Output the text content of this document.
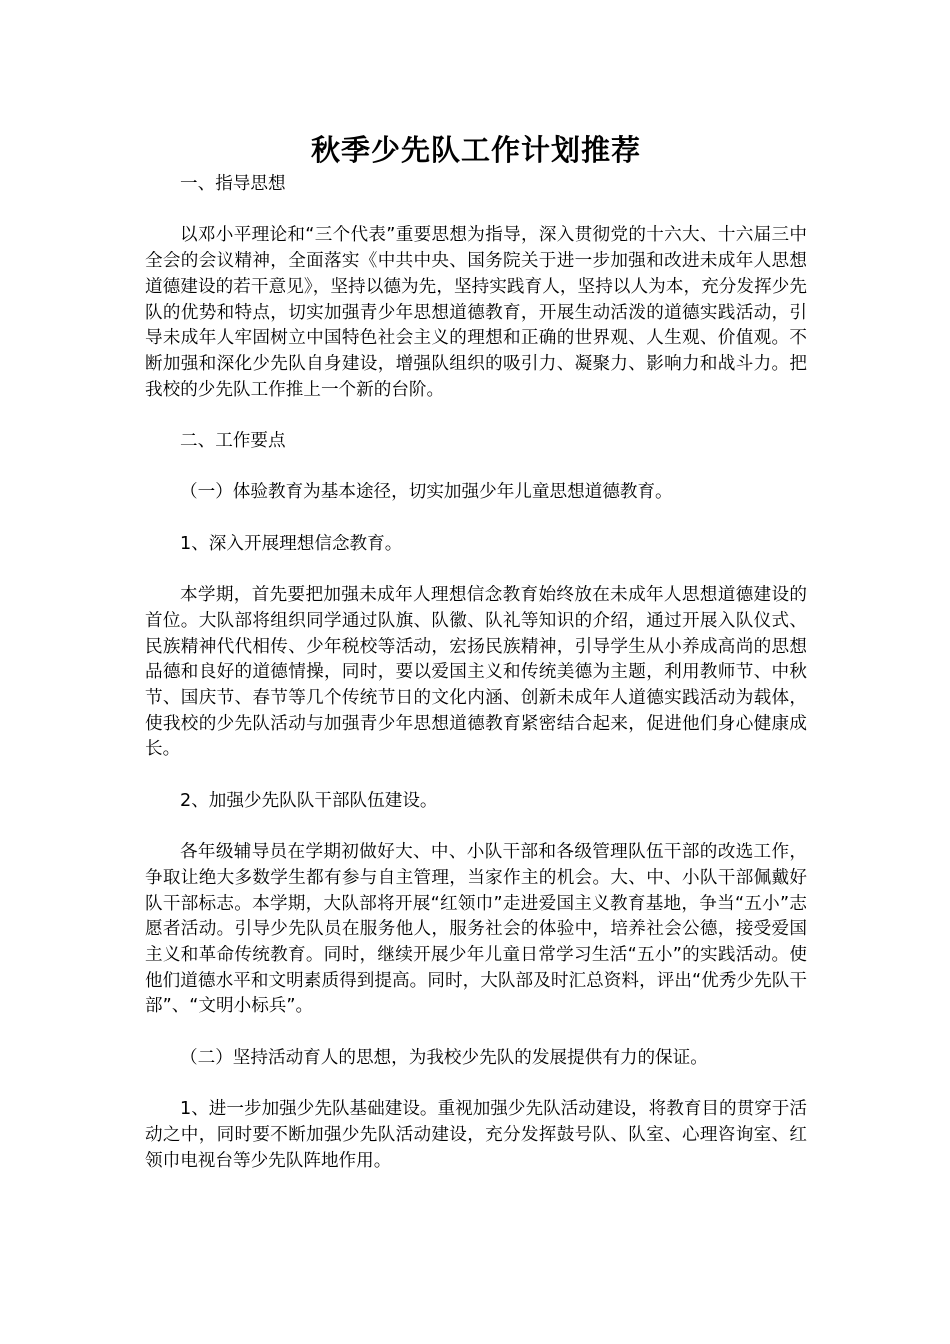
秋季少先队工作计划推荐

一、指导思想

以邓小平理论和“三个代表”重要思想为指导，深入贯彻党的十六大、十六届三中全会的会议精神，全面落实《中共中央、国务院关于进一步加强和改进未成年人思想道德建设的若干意见》，坚持以德为先，坚持实践育人，坚持以人为本，充分发挥少先队的优势和特点，切实加强青少年思想道德教育，开展生动活泼的道德实践活动，引导未成年人牢固树立中国特色社会主义的理想和正确的世界观、人生观、价值观。不断加强和深化少先队自身建设，增强队组织的吸引力、凝聚力、影响力和战斗力。把我校的少先队工作推上一个新的台阶。

二、工作要点

（一）体验教育为基本途径，切实加强少年儿童思想道德教育。

1、深入开展理想信念教育。

本学期，首先要把加强未成年人理想信念教育始终放在未成年人思想道德建设的首位。大队部将组织同学通过队旗、队徽、队礼等知识的介绍，通过开展入队仪式、民族精神代代相传、少年税校等活动，宏扬民族精神，引导学生从小养成高尚的思想品德和良好的道德情操，同时，要以爱国主义和传统美德为主题，利用教师节、中秋节、国庆节、春节等几个传统节日的文化内涵、创新未成年人道德实践活动为载体，使我校的少先队活动与加强青少年思想道德教育紧密结合起来，促进他们身心健康成长。

2、加强少先队队干部队伍建设。

各年级辅导员在学期初做好大、中、小队干部和各级管理队伍干部的改选工作，争取让绝大多数学生都有参与自主管理，当家作主的机会。大、中、小队干部佩戴好队干部标志。本学期，大队部将开展“红领巾”走进爱国主义教育基地，争当“五小”志愿者活动。引导少先队员在服务他人，服务社会的体验中，培养社会公德，接受爱国主义和革命传统教育。同时，继续开展少年儿童日常学习生活“五小”的实践活动。使他们道德水平和文明素质得到提高。同时，大队部及时汇总资料，评出“优秀少先队干部”、“文明小标兵”。

（二）坚持活动育人的思想，为我校少先队的发展提供有力的保证。

1、进一步加强少先队基础建设。重视加强少先队活动建设，将教育目的贯穿于活动之中，同时要不断加强少先队活动建设，充分发挥鼓号队、队室、心理咨询室、红领巾电视台等少先队阵地作用。
